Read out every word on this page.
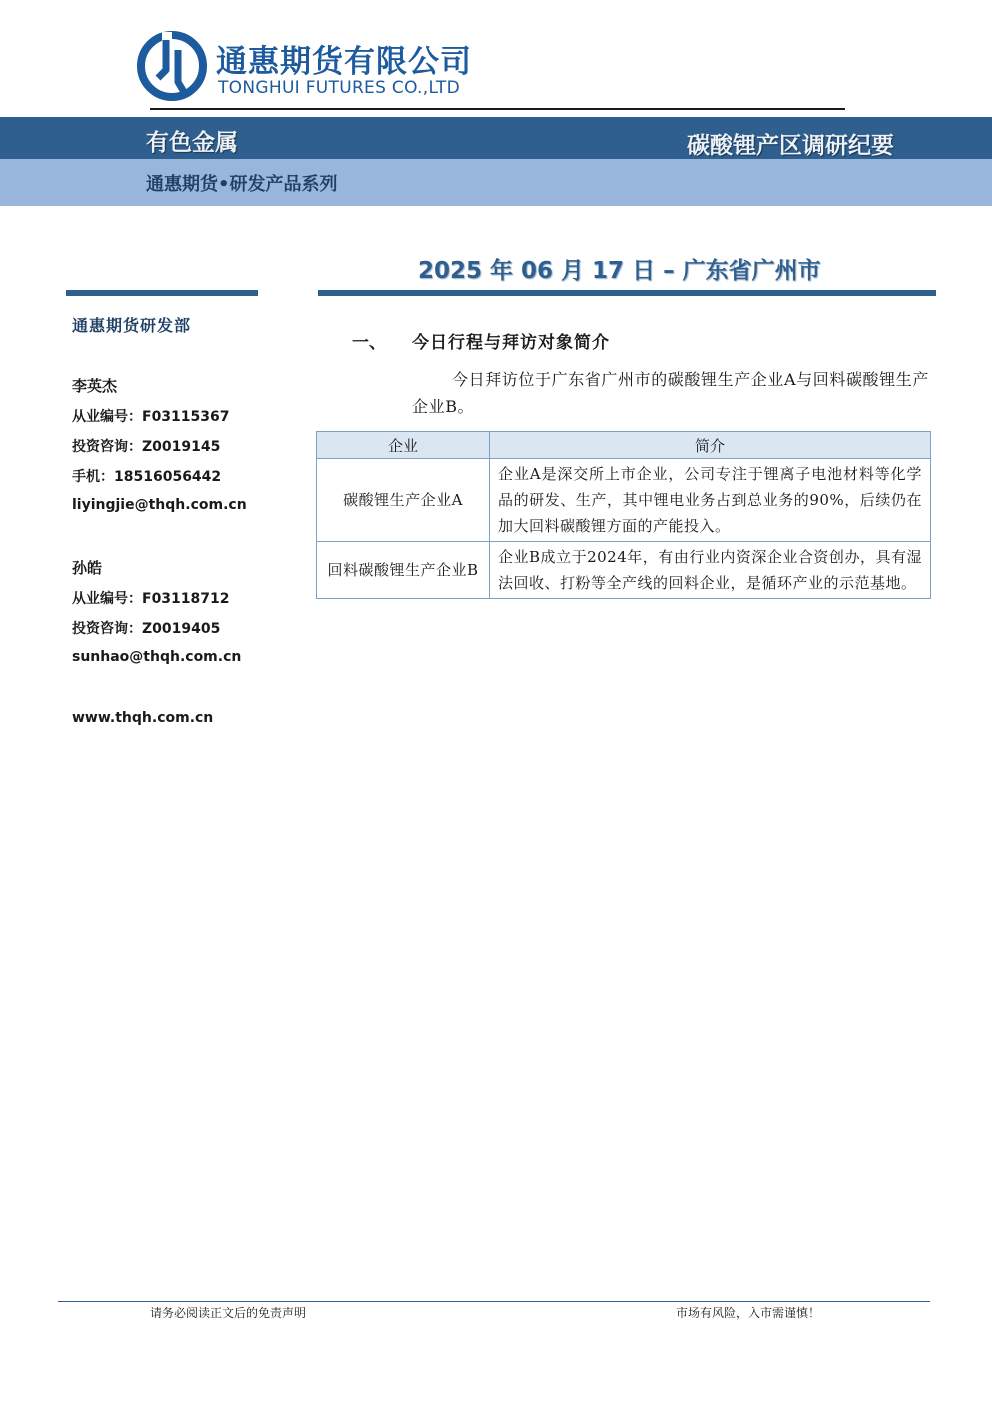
通惠期货有限公司
TONGHUI FUTURES CO.,LTD
有色金属	碳酸锂产区调研纪要
通惠期货•研发产品系列
2025 年 06 月 17 日 – 广东省广州市
通惠期货研发部
李英杰
从业编号：F03115367
投资咨询：Z0019145
手机：18516056442
liyingjie@thqh.com.cn
孙皓
从业编号：F03118712
投资咨询：Z0019405
sunhao@thqh.com.cn
www.thqh.com.cn
一、 今日行程与拜访对象简介
今日拜访位于广东省广州市的碳酸锂生产企业A与回料碳酸锂生产企业B。
企业	简介
碳酸锂生产企业A	企业A是深交所上市企业，公司专注于锂离子电池材料等化学品的研发、生产，其中锂电业务占到总业务的90%，后续仍在加大回料碳酸锂方面的产能投入。
回料碳酸锂生产企业B	企业B成立于2024年，有由行业内资深企业合资创办，具有湿法回收、打粉等全产线的回料企业，是循环产业的示范基地。
请务必阅读正文后的免责声明	市场有风险，入市需谨慎！
